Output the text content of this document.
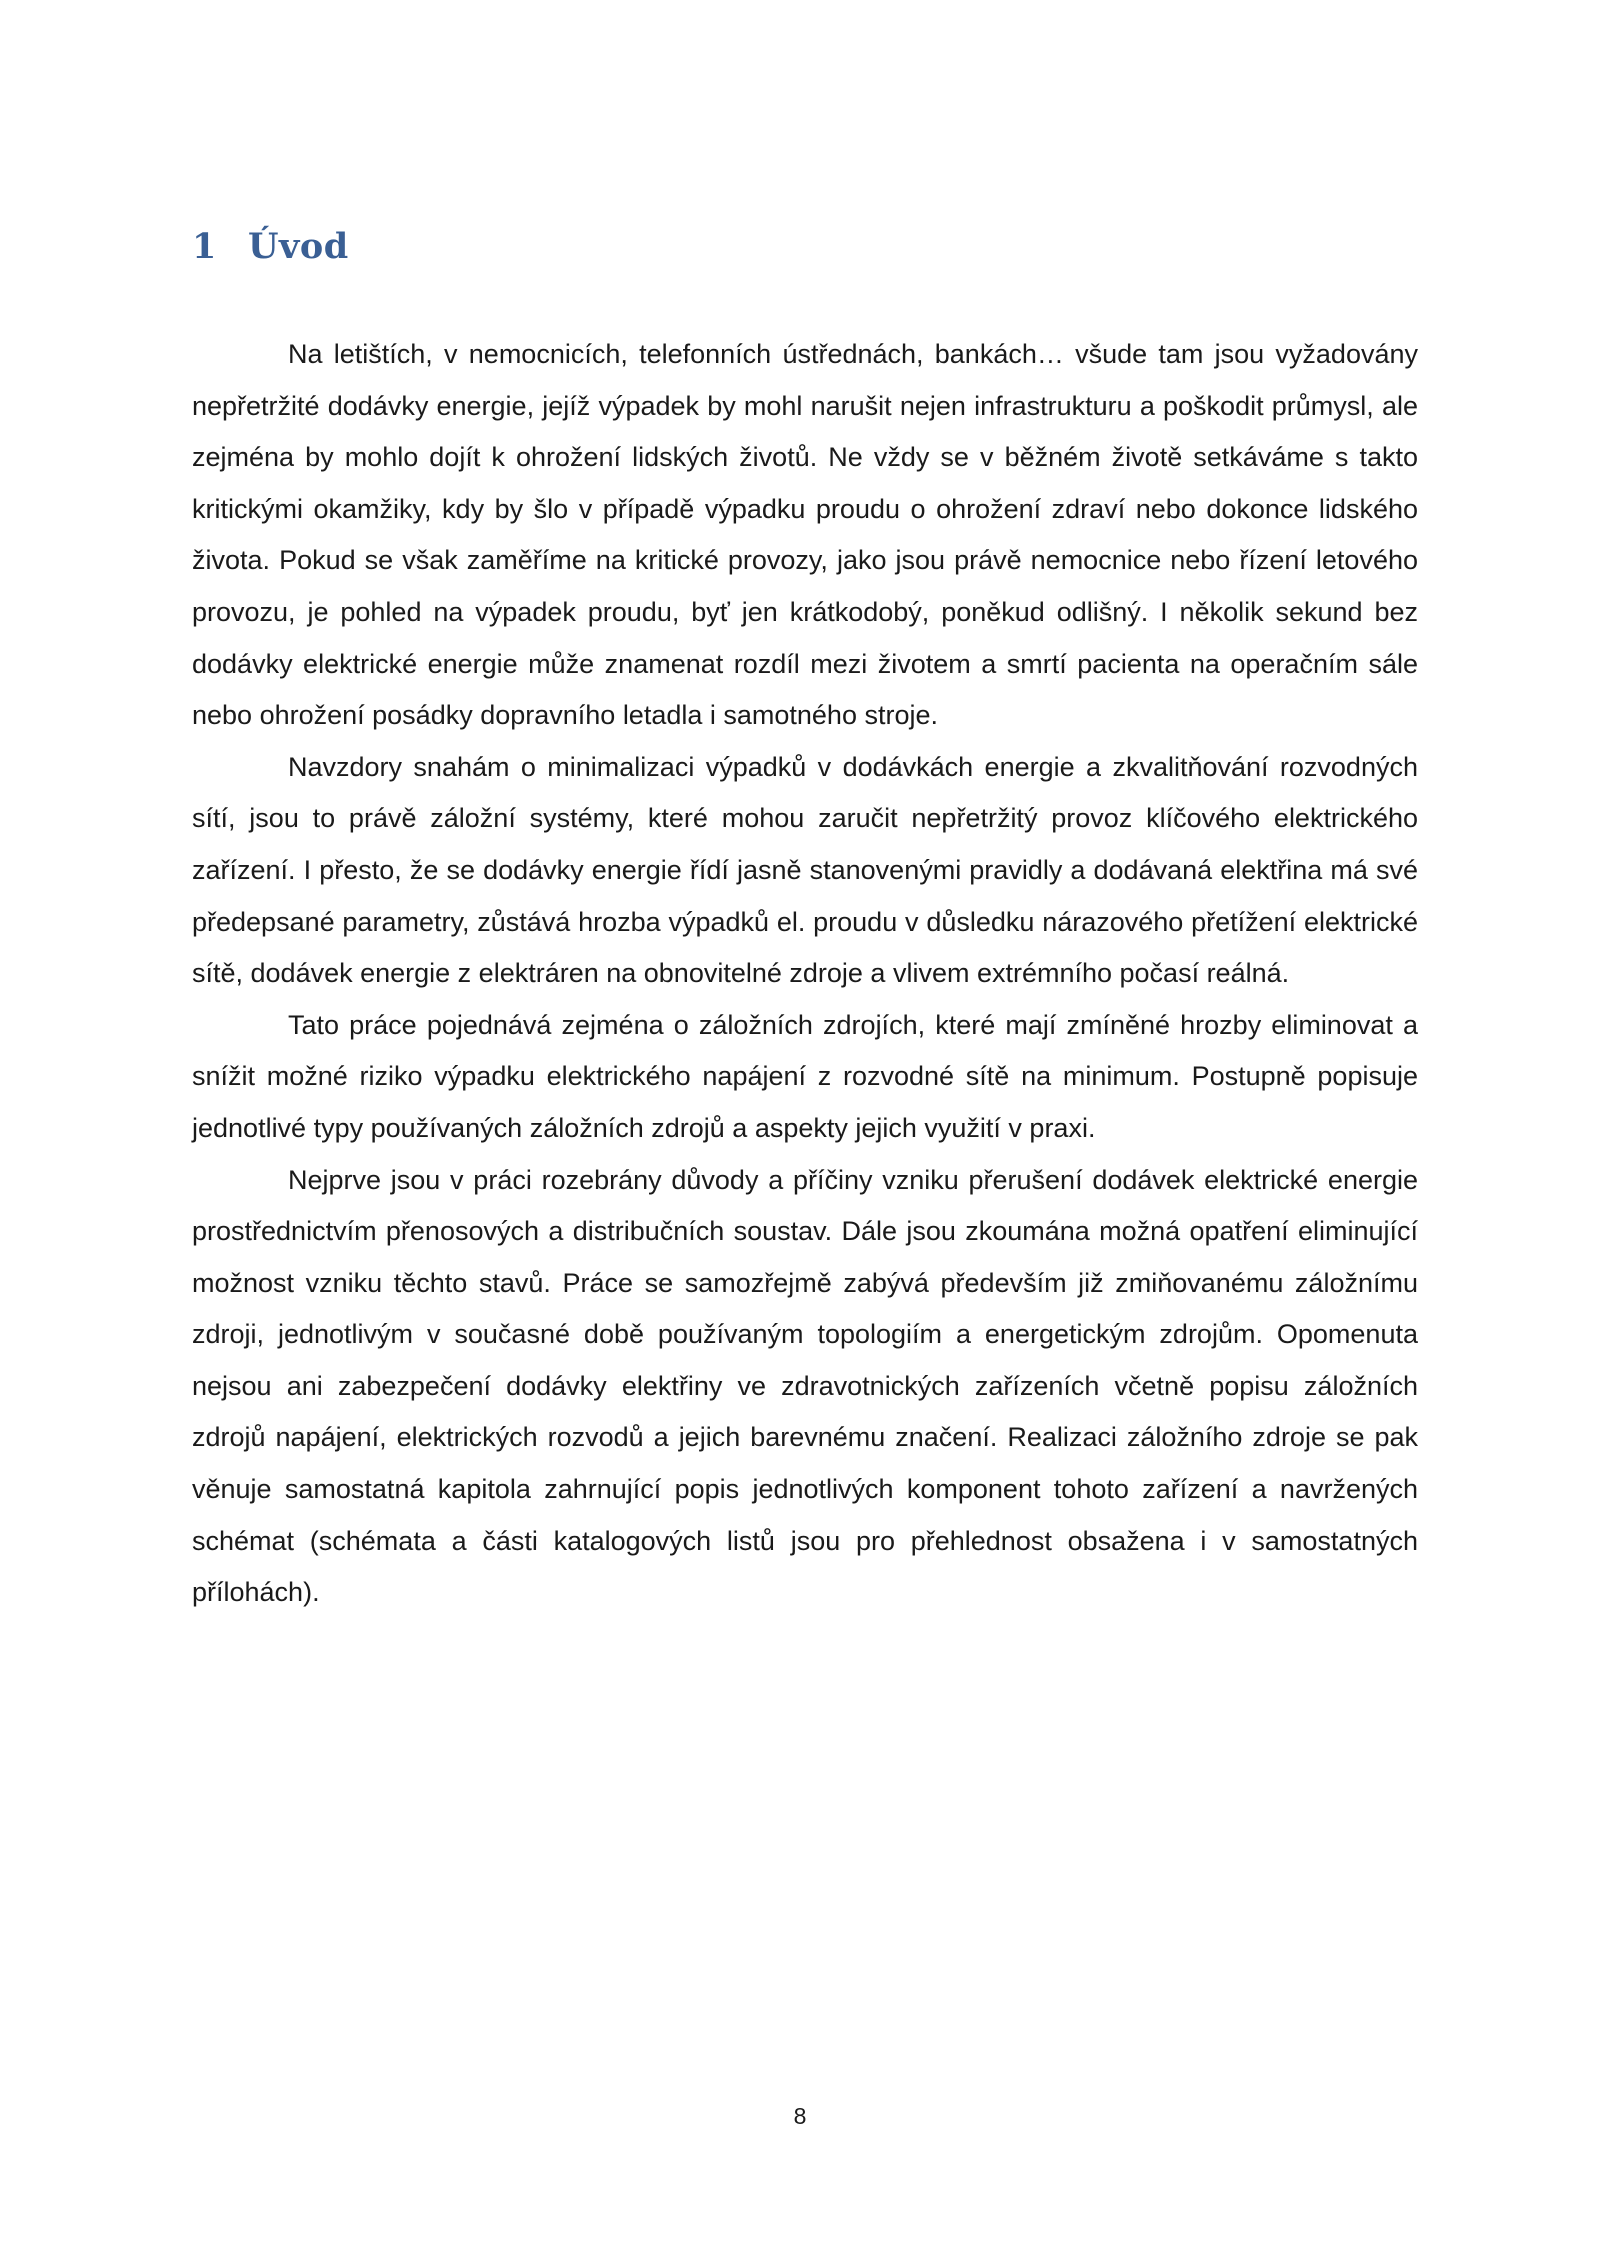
1 Úvod

Na letištích, v nemocnicích, telefonních ústřednách, bankách… všude tam jsou vyžadovány nepřetržité dodávky energie, jejíž výpadek by mohl narušit nejen infrastrukturu a poškodit průmysl, ale zejména by mohlo dojít k ohrožení lidských životů. Ne vždy se v běžném životě setkáváme s takto kritickými okamžiky, kdy by šlo v případě výpadku proudu o ohrožení zdraví nebo dokonce lidského života. Pokud se však zaměříme na kritické provozy, jako jsou právě nemocnice nebo řízení letového provozu, je pohled na výpadek proudu, byť jen krátkodobý, poněkud odlišný. I několik sekund bez dodávky elektrické energie může znamenat rozdíl mezi životem a smrtí pacienta na operačním sále nebo ohrožení posádky dopravního letadla i samotného stroje.

Navzdory snahám o minimalizaci výpadků v dodávkách energie a zkvalitňování rozvodných sítí, jsou to právě záložní systémy, které mohou zaručit nepřetržitý provoz klíčového elektrického zařízení. I přesto, že se dodávky energie řídí jasně stanovenými pravidly a dodávaná elektřina má své předepsané parametry, zůstává hrozba výpadků el. proudu v důsledku nárazového přetížení elektrické sítě, dodávek energie z elektráren na obnovitelné zdroje a vlivem extrémního počasí reálná.

Tato práce pojednává zejména o záložních zdrojích, které mají zmíněné hrozby eliminovat a snížit možné riziko výpadku elektrického napájení z rozvodné sítě na minimum. Postupně popisuje jednotlivé typy používaných záložních zdrojů a aspekty jejich využití v praxi.

Nejprve jsou v práci rozebrány důvody a příčiny vzniku přerušení dodávek elektrické energie prostřednictvím přenosových a distribučních soustav. Dále jsou zkoumána možná opatření eliminující možnost vzniku těchto stavů. Práce se samozřejmě zabývá především již zmiňovanému záložnímu zdroji, jednotlivým v současné době používaným topologiím a energetickým zdrojům. Opomenuta nejsou ani zabezpečení dodávky elektřiny ve zdravotnických zařízeních včetně popisu záložních zdrojů napájení, elektrických rozvodů a jejich barevnému značení. Realizaci záložního zdroje se pak věnuje samostatná kapitola zahrnující popis jednotlivých komponent tohoto zařízení a navržených schémat (schémata a části katalogových listů jsou pro přehlednost obsažena i v samostatných přílohách).

8
